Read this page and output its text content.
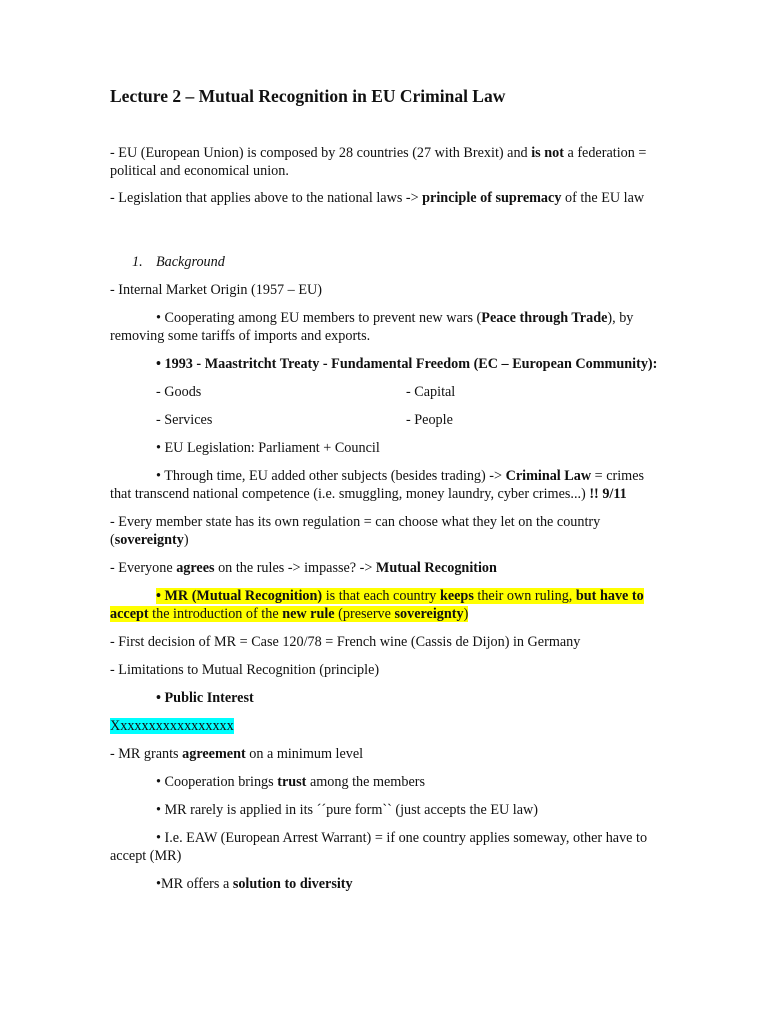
Lecture 2 – Mutual Recognition in EU Criminal Law

- EU (European Union) is composed by 28 countries (27 with Brexit) and is not a federation = political and economical union.

- Legislation that applies above to the national laws -> principle of supremacy of the EU law

1. Background

- Internal Market Origin (1957 – EU)

• Cooperating among EU members to prevent new wars (Peace through Trade), by removing some tariffs of imports and exports.

• 1993 - Maastritcht Treaty - Fundamental Freedom (EC – European Community):

- Goods	- Capital
- Services	- People

• EU Legislation: Parliament + Council

• Through time, EU added other subjects (besides trading) -> Criminal Law = crimes that transcend national competence (i.e. smuggling, money laundry, cyber crimes...) !! 9/11

- Every member state has its own regulation = can choose what they let on the country (sovereignty)

- Everyone agrees on the rules -> impasse? -> Mutual Recognition

• MR (Mutual Recognition) is that each country keeps their own ruling, but have to accept the introduction of the new rule (preserve sovereignty)

- First decision of MR = Case 120/78 = French wine (Cassis de Dijon) in Germany

- Limitations to Mutual Recognition (principle)

• Public Interest

Xxxxxxxxxxxxxxxxx

- MR grants agreement on a minimum level

• Cooperation brings trust among the members

• MR rarely is applied in its ´´pure form`` (just accepts the EU law)

• I.e. EAW (European Arrest Warrant) = if one country applies someway, other have to accept (MR)

•MR offers a solution to diversity
